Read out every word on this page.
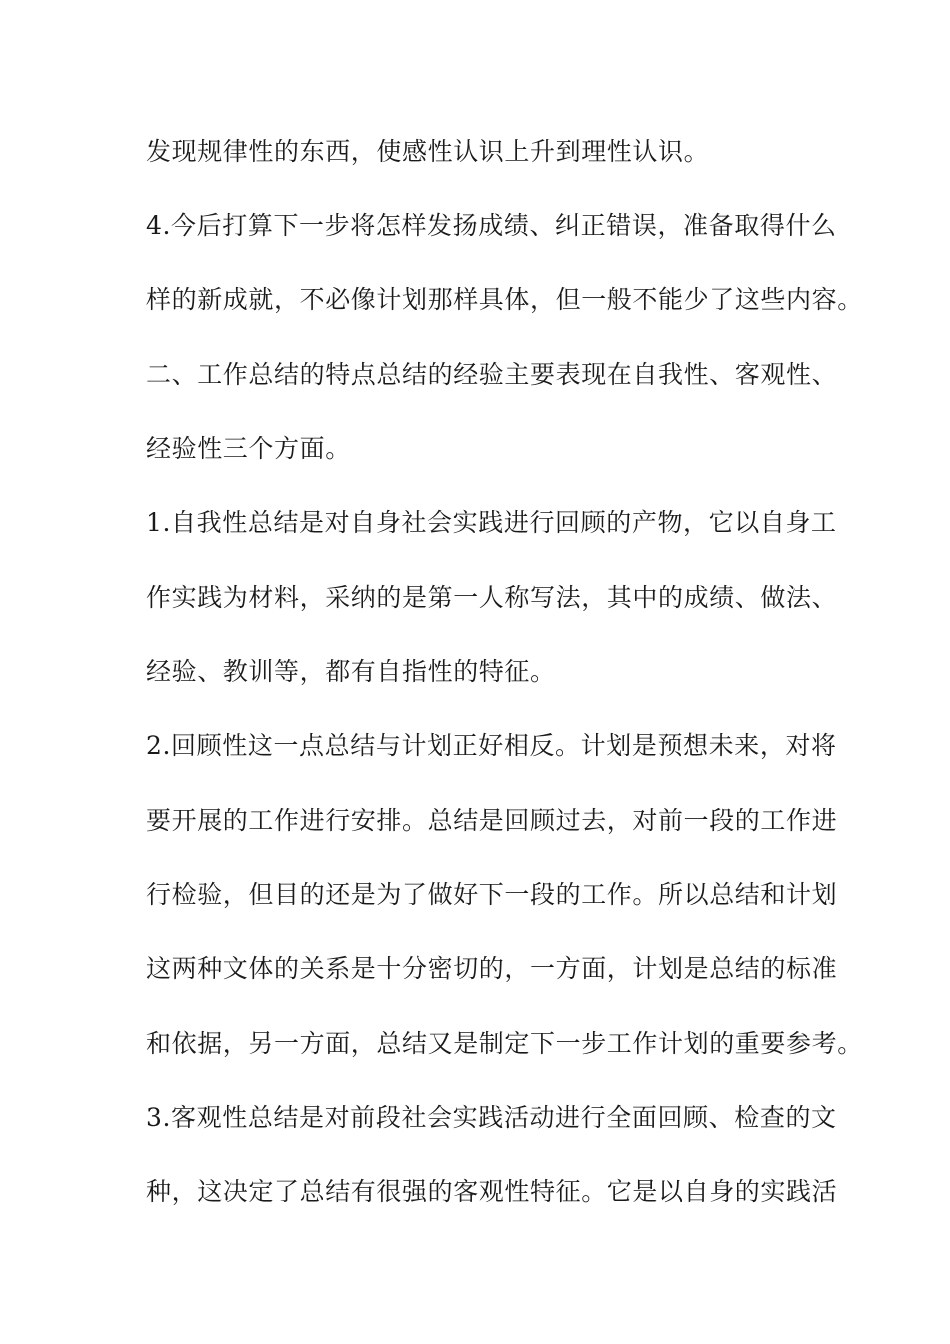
发现规律性的东西，使感性认识上升到理性认识。
4.今后打算下一步将怎样发扬成绩、纠正错误，准备取得什么
样的新成就，不必像计划那样具体，但一般不能少了这些内容。
二、工作总结的特点总结的经验主要表现在自我性、客观性、
经验性三个方面。
1.自我性总结是对自身社会实践进行回顾的产物，它以自身工
作实践为材料，采纳的是第一人称写法，其中的成绩、做法、
经验、教训等，都有自指性的特征。
2.回顾性这一点总结与计划正好相反。计划是预想未来，对将
要开展的工作进行安排。总结是回顾过去，对前一段的工作进
行检验，但目的还是为了做好下一段的工作。所以总结和计划
这两种文体的关系是十分密切的，一方面，计划是总结的标准
和依据，另一方面，总结又是制定下一步工作计划的重要参考。
3.客观性总结是对前段社会实践活动进行全面回顾、检查的文
种，这决定了总结有很强的客观性特征。它是以自身的实践活
